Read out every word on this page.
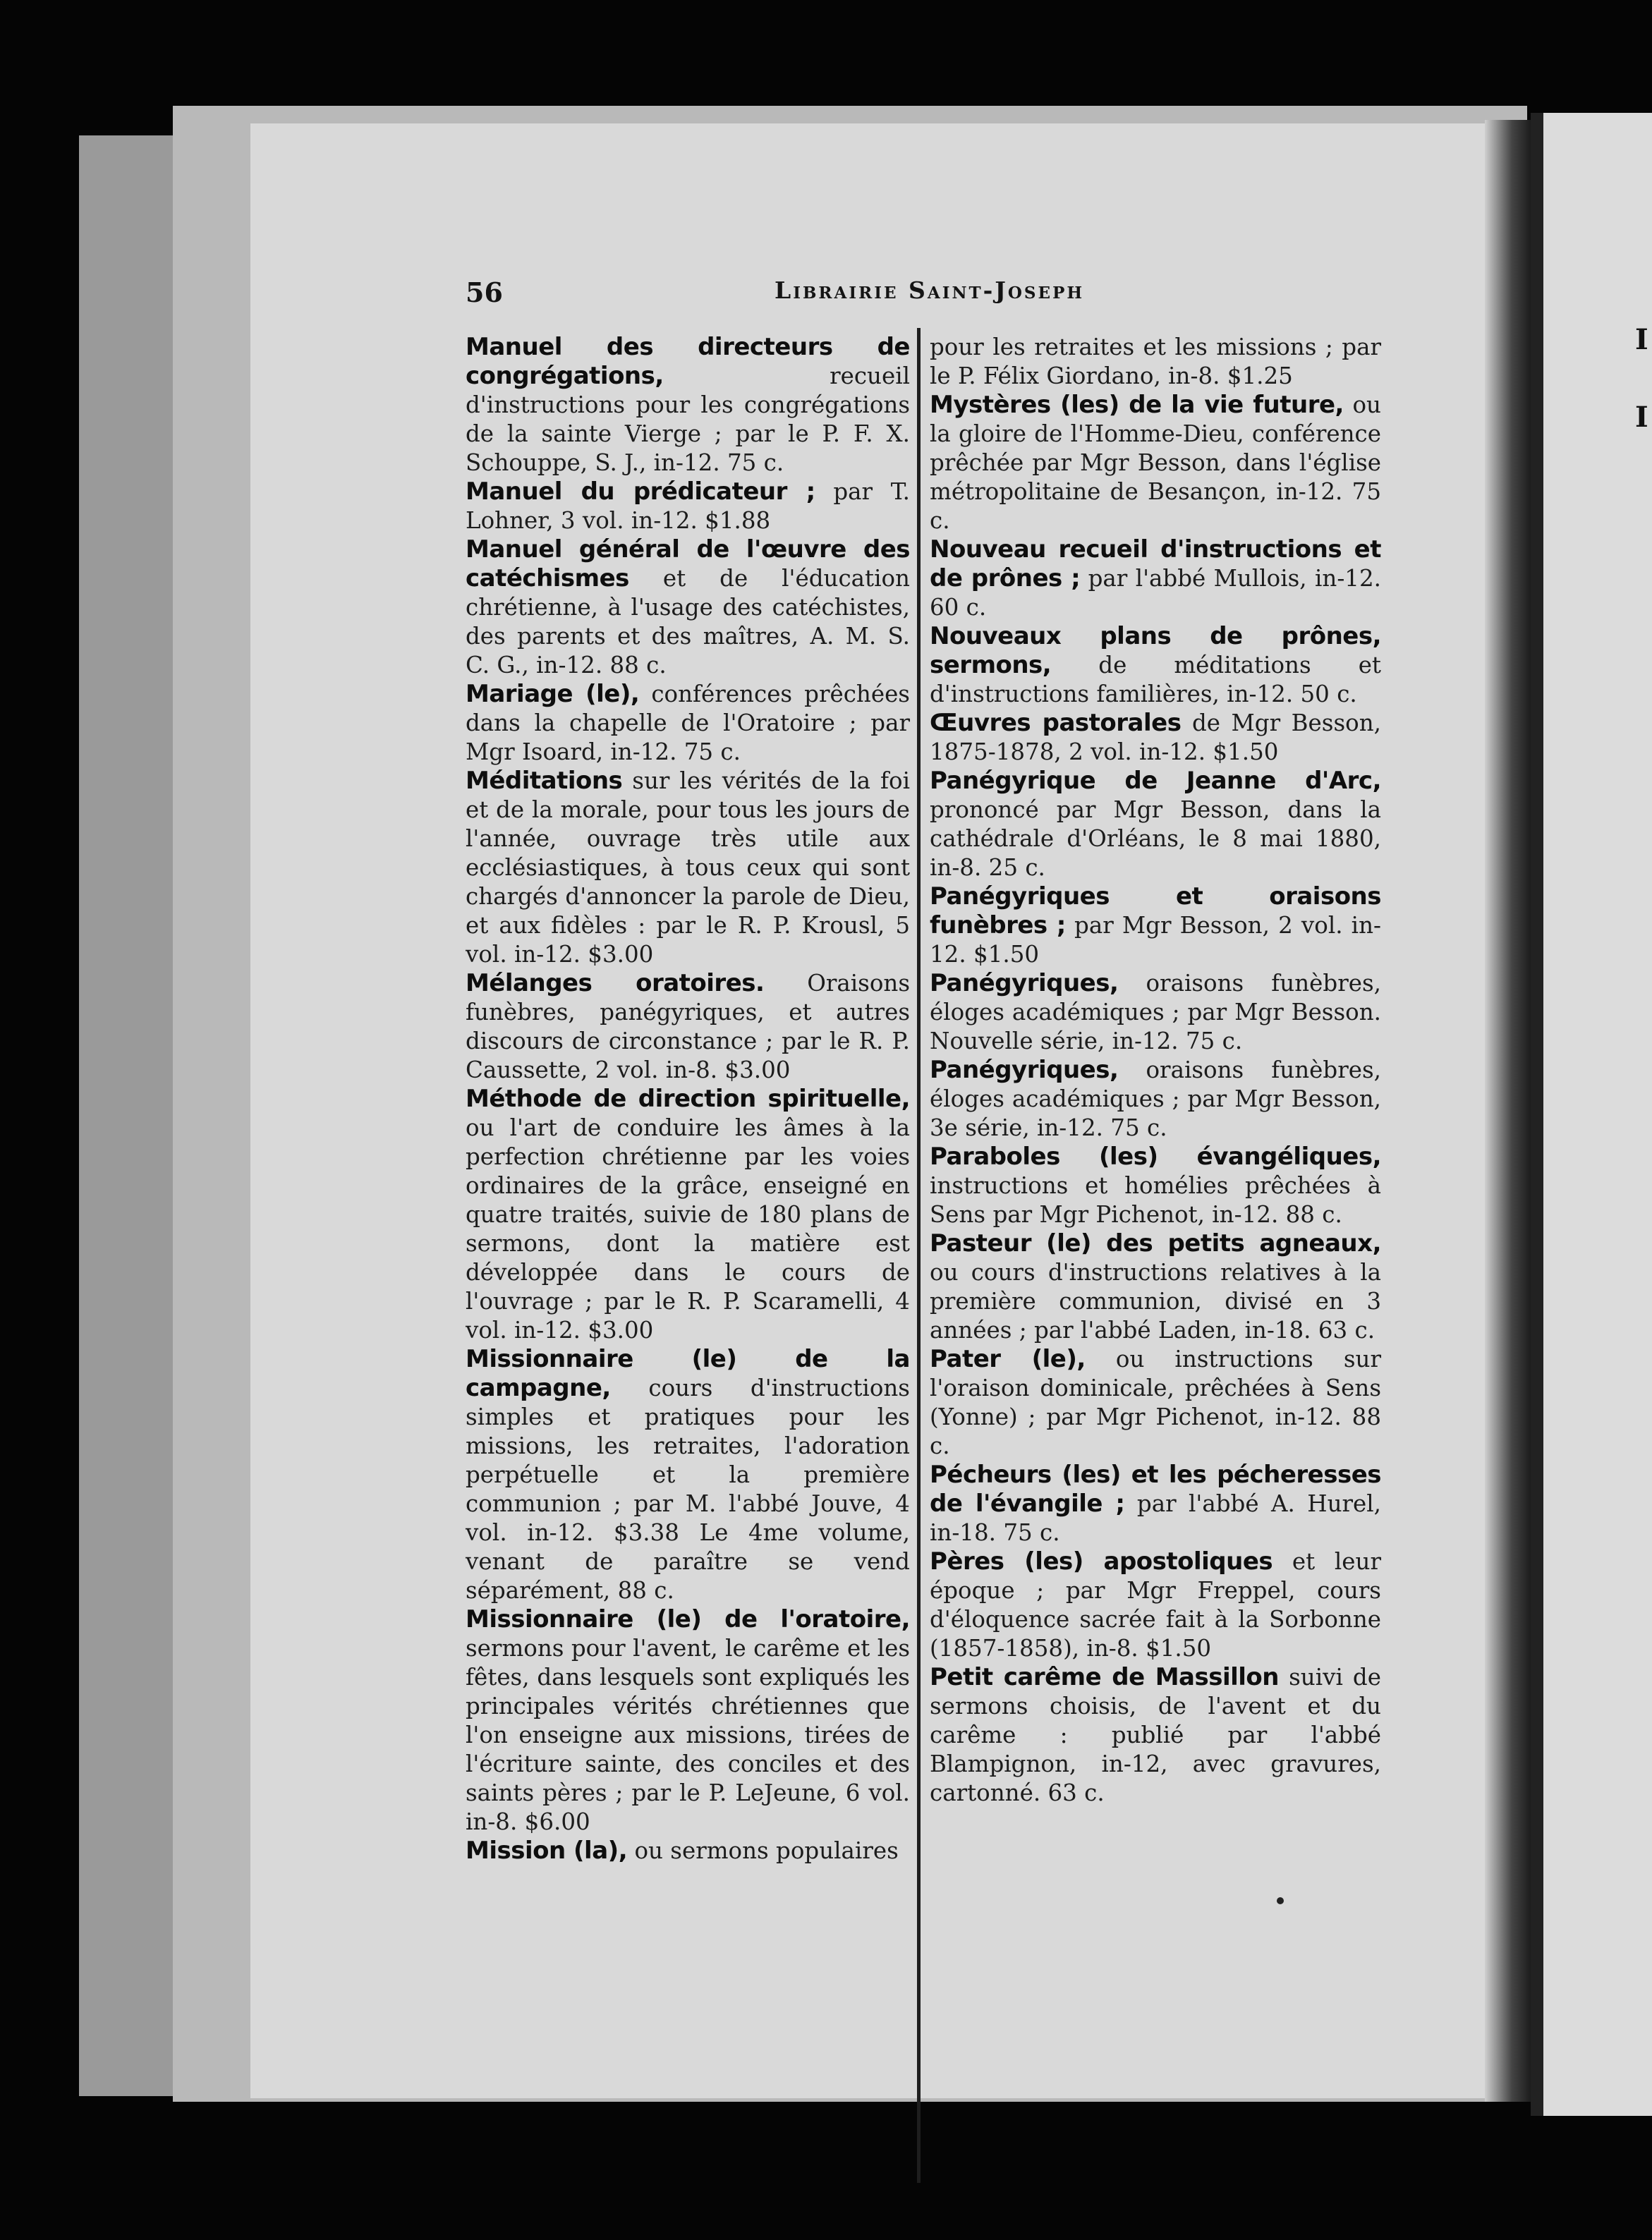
I
I
56	Librairie Saint-Joseph
Manuel des directeurs de congrégations,	recueil d'instructions pour les congrégations de la sainte Vierge ; par le P. F. X. Schouppe, S. J., in-12. 75 c.
Manuel du prédicateur ; par T. Lohner, 3 vol. in-12. $1.88
Manuel général de l'œuvre des catéchismes et de l'éducation chrétienne, à l'usage des catéchistes, des parents et des maîtres, A. M. S. C. G., in-12. 88 c.
Mariage (le), conférences prêchées dans la chapelle de l'Oratoire ; par Mgr Isoard, in-12. 75 c.
Méditations sur les vérités de la foi et de la morale, pour tous les jours de l'année, ouvrage très utile aux ecclésiastiques, à tous ceux qui sont chargés d'annoncer la parole de Dieu, et aux fidèles : par le R. P. Krousl, 5 vol. in-12. $3.00
Mélanges oratoires. Oraisons funèbres, panégyriques, et autres discours de circonstance ; par le R. P. Caussette, 2 vol. in-8. $3.00
Méthode de direction spirituelle, ou l'art de conduire les âmes à la perfection chrétienne par les voies ordinaires de la grâce, enseigné en quatre traités, suivie de 180 plans de sermons, dont la matière est développée dans le cours de l'ouvrage ; par le R. P. Scaramelli, 4 vol. in-12. $3.00
Missionnaire (le) de la campagne, cours d'instructions simples et pratiques pour les missions, les retraites, l'adoration perpétuelle et la première communion ; par M. l'abbé Jouve, 4 vol. in-12. $3.38 Le 4me volume, venant de paraître se vend séparément, 88 c.
Missionnaire (le) de l'oratoire, sermons pour l'avent, le carême et les fêtes, dans lesquels sont expliqués les principales vérités chrétiennes que l'on enseigne aux missions, tirées de l'écriture sainte, des conciles et des saints pères ; par le P. LeJeune, 6 vol. in-8. $6.00
Mission (la), ou sermons populaires
pour les retraites et les missions ; par le P. Félix Giordano, in-8. $1.25
Mystères (les) de la vie future, ou la gloire de l'Homme-Dieu, conférence prêchée par Mgr Besson, dans l'église métropolitaine de Besançon, in-12. 75 c.
Nouveau recueil d'instructions et de prônes ; par l'abbé Mullois, in-12. 60 c.
Nouveaux plans de prônes, sermons, de méditations et d'instructions familières, in-12. 50 c.
Œuvres pastorales de Mgr Besson, 1875-1878, 2 vol. in-12. $1.50
Panégyrique de Jeanne d'Arc, prononcé par Mgr Besson, dans la cathédrale d'Orléans, le 8 mai 1880, in-8. 25 c.
Panégyriques et oraisons funèbres ; par Mgr Besson, 2 vol. in-12. $1.50
Panégyriques, oraisons funèbres, éloges académiques ; par Mgr Besson. Nouvelle série, in-12. 75 c.
Panégyriques, oraisons funèbres, éloges académiques ; par Mgr Besson, 3e série, in-12. 75 c.
Paraboles (les) évangéliques, instructions et homélies prêchées à Sens par Mgr Pichenot, in-12. 88 c.
Pasteur (le) des petits agneaux, ou cours d'instructions relatives à la première communion, divisé en 3 années ; par l'abbé Laden, in-18. 63 c.
Pater (le), ou instructions sur l'oraison dominicale, prêchées à Sens (Yonne) ; par Mgr Pichenot, in-12. 88 c.
Pécheurs (les) et les pécheresses de l'évangile ; par l'abbé A. Hurel, in-18. 75 c.
Pères (les) apostoliques et leur époque ; par Mgr Freppel, cours d'éloquence sacrée fait à la Sorbonne (1857-1858), in-8. $1.50
Petit carême de Massillon suivi de sermons choisis, de l'avent et du carême : publié par l'abbé Blampignon, in-12, avec gravures, cartonné. 63 c.
